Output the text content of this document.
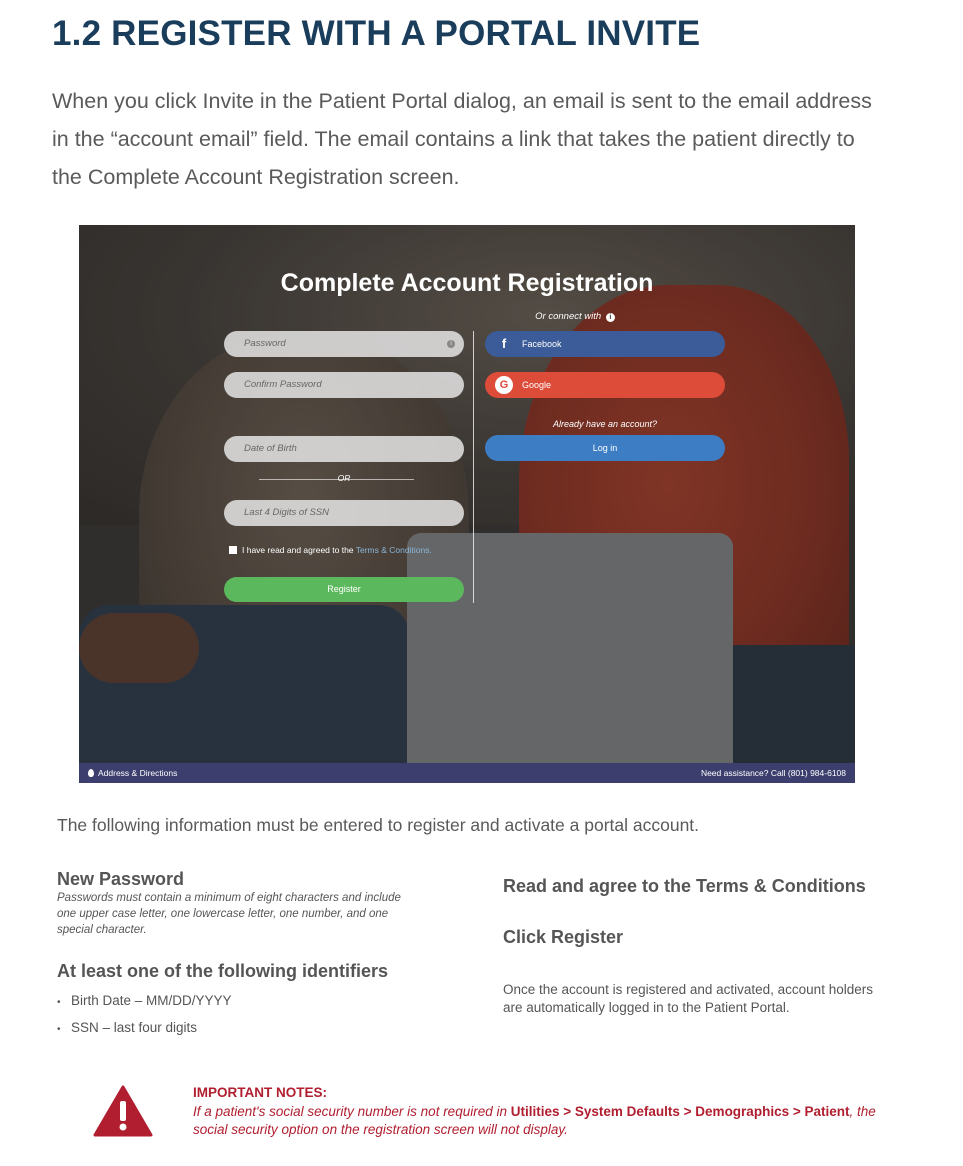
1.2 REGISTER WITH A PORTAL INVITE

When you click Invite in the Patient Portal dialog, an email is sent to the email address in the “account email” field. The email contains a link that takes the patient directly to the Complete Account Registration screen.

Complete Account Registration
Or connect with i
Password	i
Confirm Password
Date of Birth
OR
Last 4 Digits of SSN
I have read and agreed to the Terms & Conditions.
Register
f	Facebook
G	Google
Already have an account?
Log in
Address & Directions	Need assistance? Call (801) 984-6108

The following information must be entered to register and activate a portal account.

New Password
Passwords must contain a minimum of eight characters and include one upper case letter, one lowercase letter, one number, and one special character.
At least one of the following identifiers
• Birth Date – MM/DD/YYYY
• SSN – last four digits
Read and agree to the Terms & Conditions
Click Register
Once the account is registered and activated, account holders are automatically logged in to the Patient Portal.
IMPORTANT NOTES:
If a patient's social security number is not required in Utilities > System Defaults > Demographics > Patient, the social security option on the registration screen will not display.
